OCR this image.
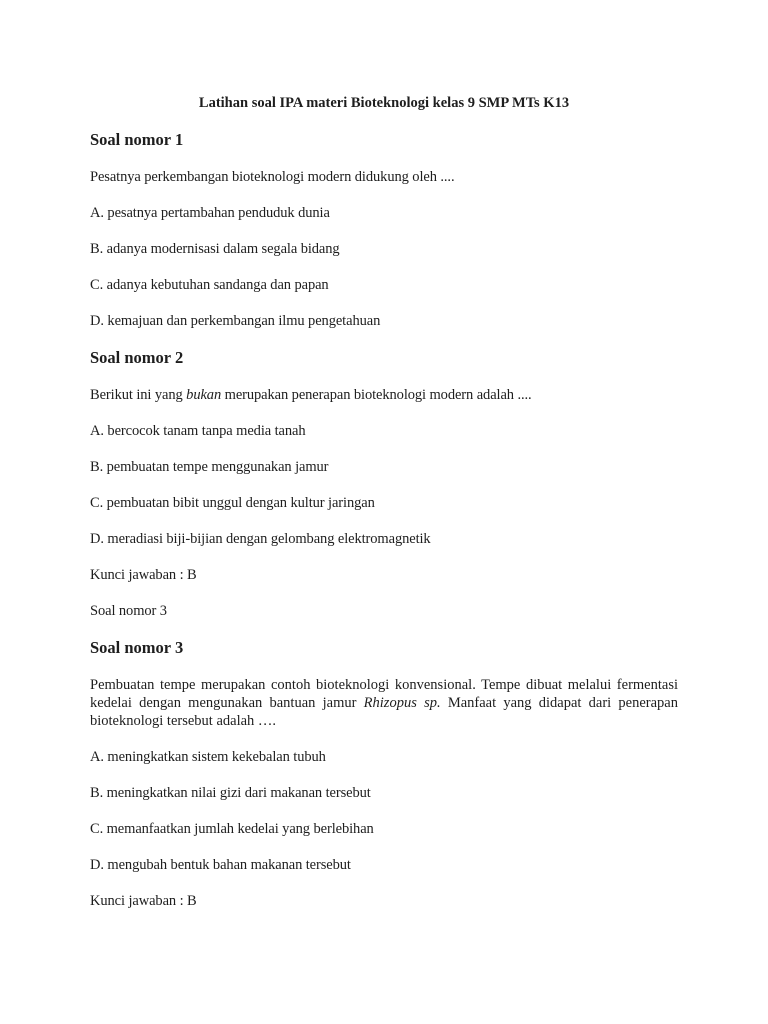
Latihan soal IPA materi Bioteknologi kelas 9 SMP MTs K13
Soal nomor 1
Pesatnya perkembangan bioteknologi modern didukung oleh ....
A. pesatnya pertambahan penduduk dunia
B. adanya modernisasi dalam segala bidang
C. adanya kebutuhan sandanga dan papan
D. kemajuan dan perkembangan ilmu pengetahuan
Soal nomor 2
Berikut ini yang bukan merupakan penerapan bioteknologi modern adalah ....
A. bercocok tanam tanpa media tanah
B. pembuatan tempe menggunakan jamur
C. pembuatan bibit unggul dengan kultur jaringan
D. meradiasi biji-bijian dengan gelombang elektromagnetik
Kunci jawaban : B
Soal nomor 3
Soal nomor 3
Pembuatan tempe merupakan contoh bioteknologi konvensional. Tempe dibuat melalui fermentasi kedelai dengan mengunakan bantuan jamur Rhizopus sp. Manfaat yang didapat dari penerapan bioteknologi tersebut adalah ….
A. meningkatkan sistem kekebalan tubuh
B. meningkatkan nilai gizi dari makanan tersebut
C. memanfaatkan jumlah kedelai yang berlebihan
D. mengubah bentuk bahan makanan tersebut
Kunci jawaban : B
